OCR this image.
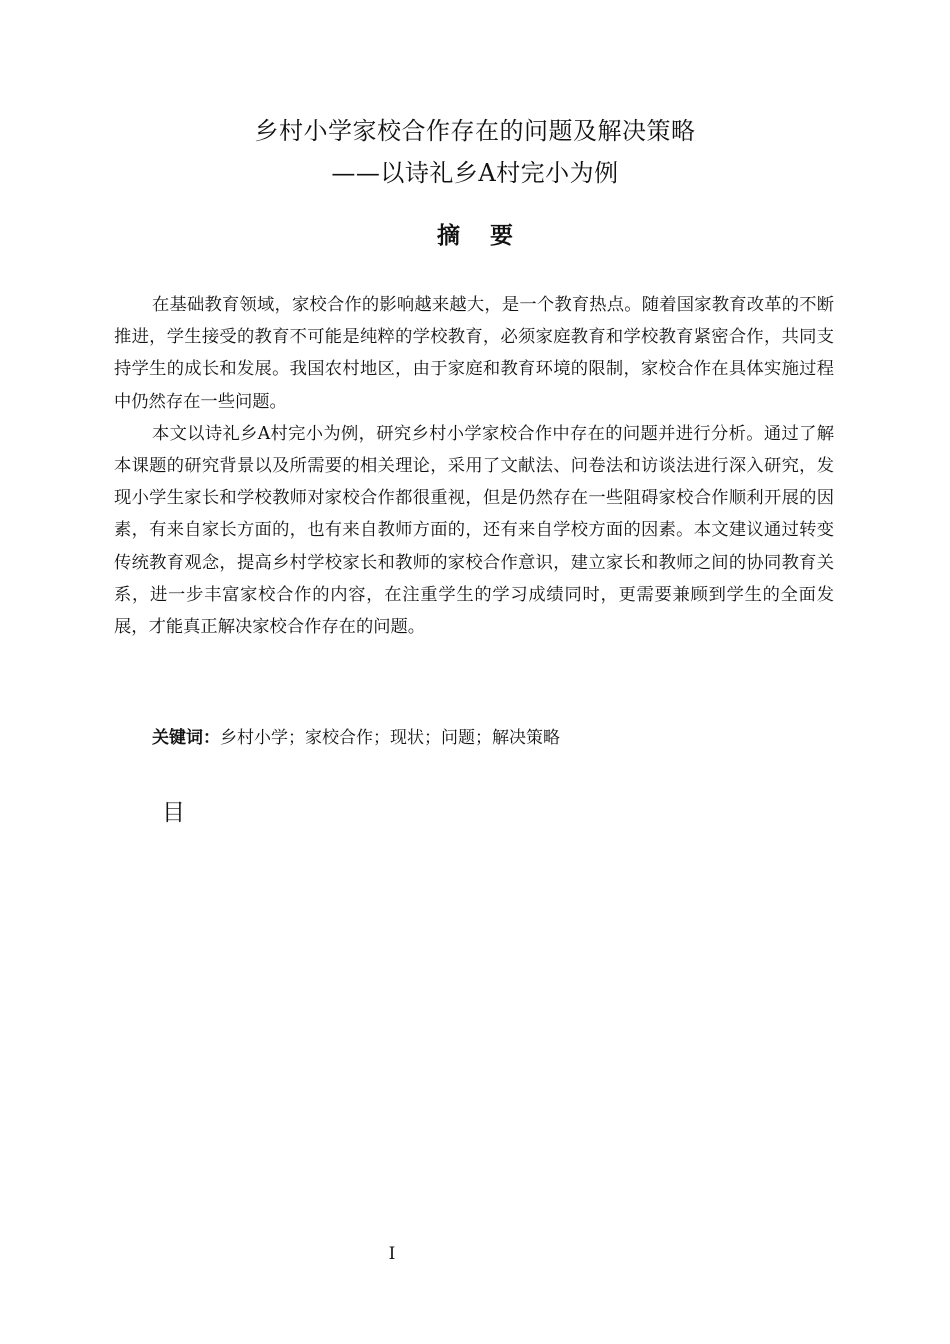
乡村小学家校合作存在的问题及解决策略
——以诗礼乡A村完小为例
摘要

在基础教育领域，家校合作的影响越来越大，是一个教育热点。随着国家教育改革的不断推进，学生接受的教育不可能是纯粹的学校教育，必须家庭教育和学校教育紧密合作，共同支持学生的成长和发展。我国农村地区，由于家庭和教育环境的限制，家校合作在具体实施过程中仍然存在一些问题。

本文以诗礼乡A村完小为例，研究乡村小学家校合作中存在的问题并进行分析。通过了解本课题的研究背景以及所需要的相关理论，采用了文献法、问卷法和访谈法进行深入研究，发现小学生家长和学校教师对家校合作都很重视，但是仍然存在一些阻碍家校合作顺利开展的因素，有来自家长方面的，也有来自教师方面的，还有来自学校方面的因素。本文建议通过转变传统教育观念，提高乡村学校家长和教师的家校合作意识，建立家长和教师之间的协同教育关系，进一步丰富家校合作的内容，在注重学生的学习成绩同时，更需要兼顾到学生的全面发展，才能真正解决家校合作存在的问题。

关键词：乡村小学；家校合作；现状；问题；解决策略
目
I
